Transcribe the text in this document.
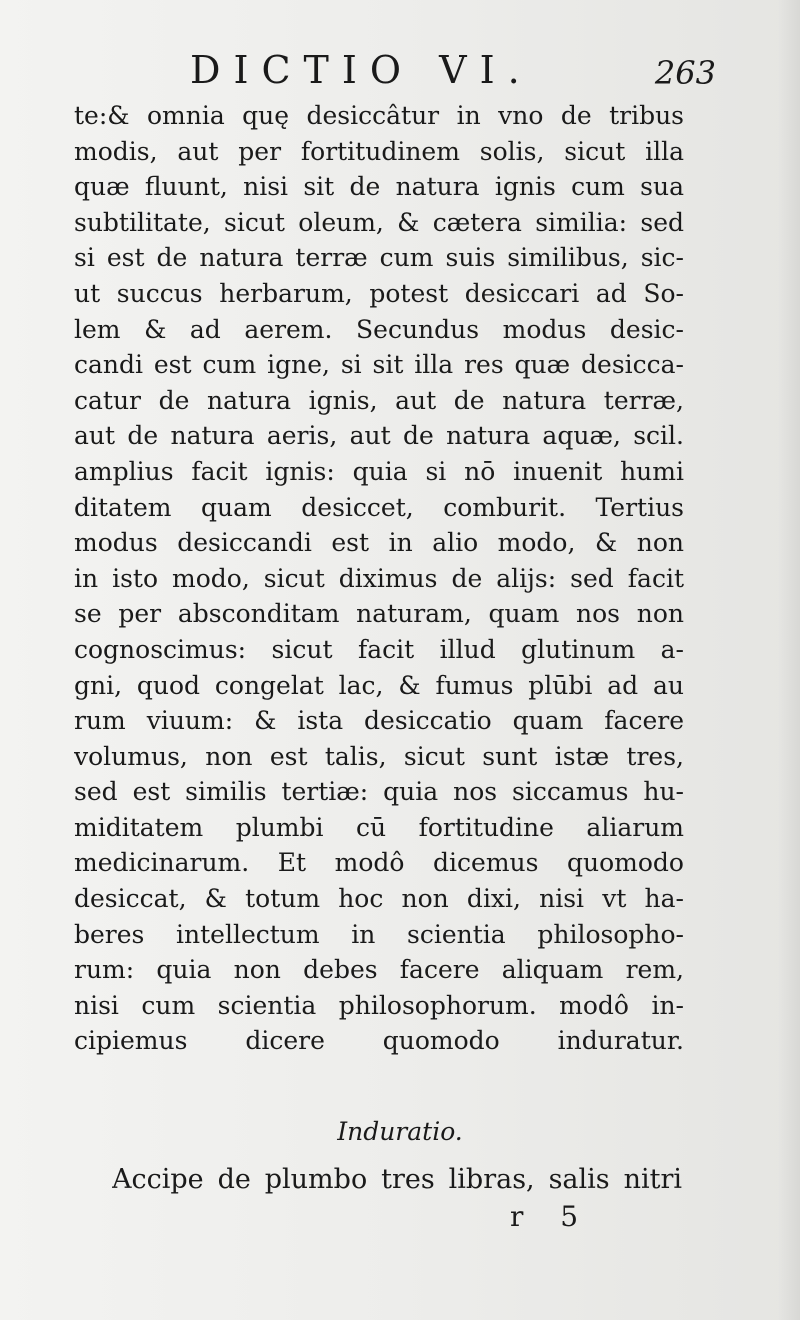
DICTIO VI.	263
te:& omnia quę desiccâtur in vno de tribus
modis, aut per fortitudinem solis, sicut illa
quæ fluunt, nisi sit de natura ignis cum sua
subtilitate, sicut oleum, & cætera similia: sed
si est de natura terræ cum suis similibus, sic-
ut succus herbarum, potest desiccari ad So-
lem & ad aerem. Secundus modus desic-
candi est cum igne, si sit illa res quæ desicca-
catur de natura ignis, aut de natura terræ,
aut de natura aeris, aut de natura aquæ, scil.
amplius facit ignis: quia si nō inuenit humi
ditatem quam desiccet, comburit. Tertius
modus desiccandi est in alio modo, & non
in isto modo, sicut diximus de alijs: sed facit
se per absconditam naturam, quam nos non
cognoscimus: sicut facit illud glutinum a-
gni, quod congelat lac, & fumus plūbi ad au
rum viuum: & ista desiccatio quam facere
volumus, non est talis, sicut sunt istæ tres,
sed est similis tertiæ: quia nos siccamus hu-
miditatem plumbi cū fortitudine aliarum
medicinarum. Et modô dicemus quomodo
desiccat, & totum hoc non dixi, nisi vt ha-
beres intellectum in scientia philosopho-
rum: quia non debes facere aliquam rem,
nisi cum scientia philosophorum. modô in-
cipiemus dicere quomodo induratur.
Induratio.
Accipe de plumbo tres libras, salis nitri
r 5
